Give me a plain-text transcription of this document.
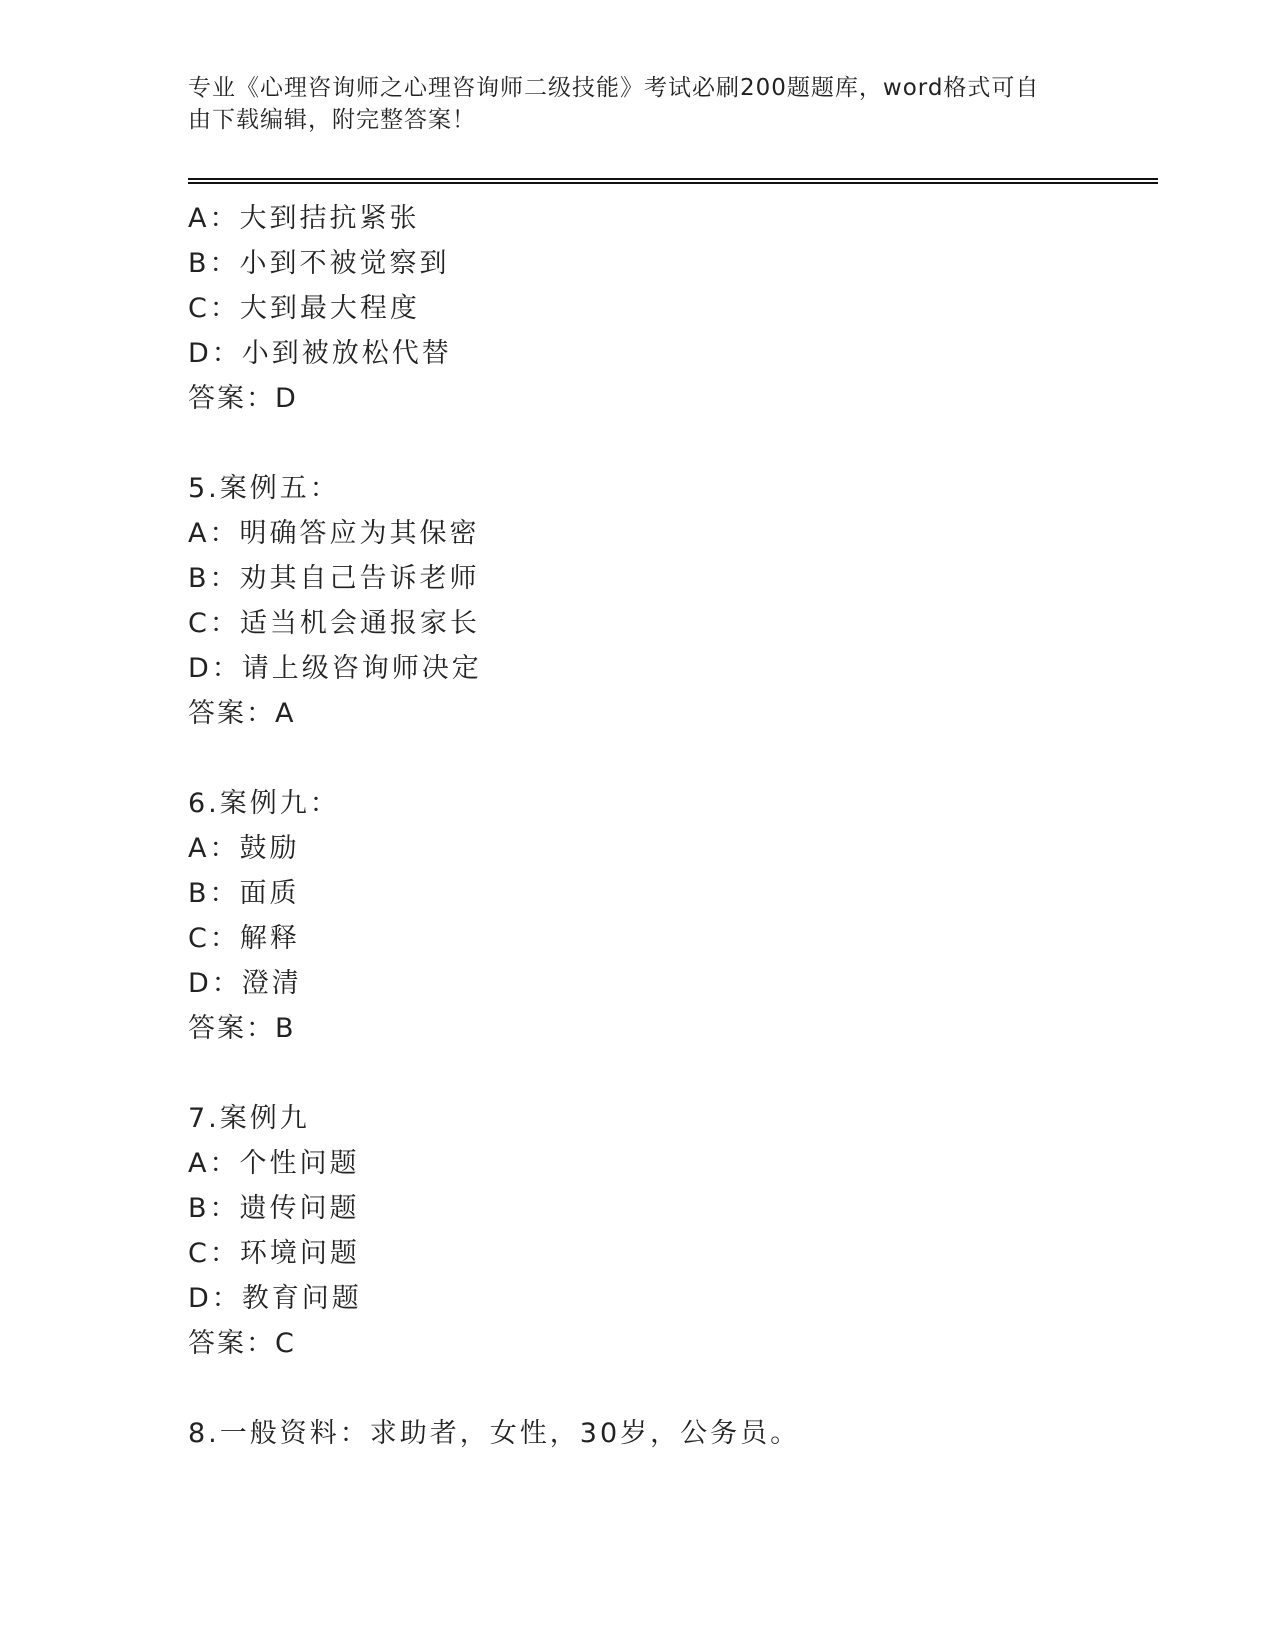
专业《心理咨询师之心理咨询师二级技能》考试必刷200题题库，word格式可自
由下载编辑，附完整答案！
A：大到拮抗紧张
B：小到不被觉察到
C：大到最大程度
D：小到被放松代替
答案：D
5.案例五：
A：明确答应为其保密
B：劝其自己告诉老师
C：适当机会通报家长
D：请上级咨询师决定
答案：A
6.案例九：
A：鼓励
B：面质
C：解释
D：澄清
答案：B
7.案例九
A：个性问题
B：遗传问题
C：环境问题
D：教育问题
答案：C
8.一般资料：求助者，女性，30岁，公务员。
